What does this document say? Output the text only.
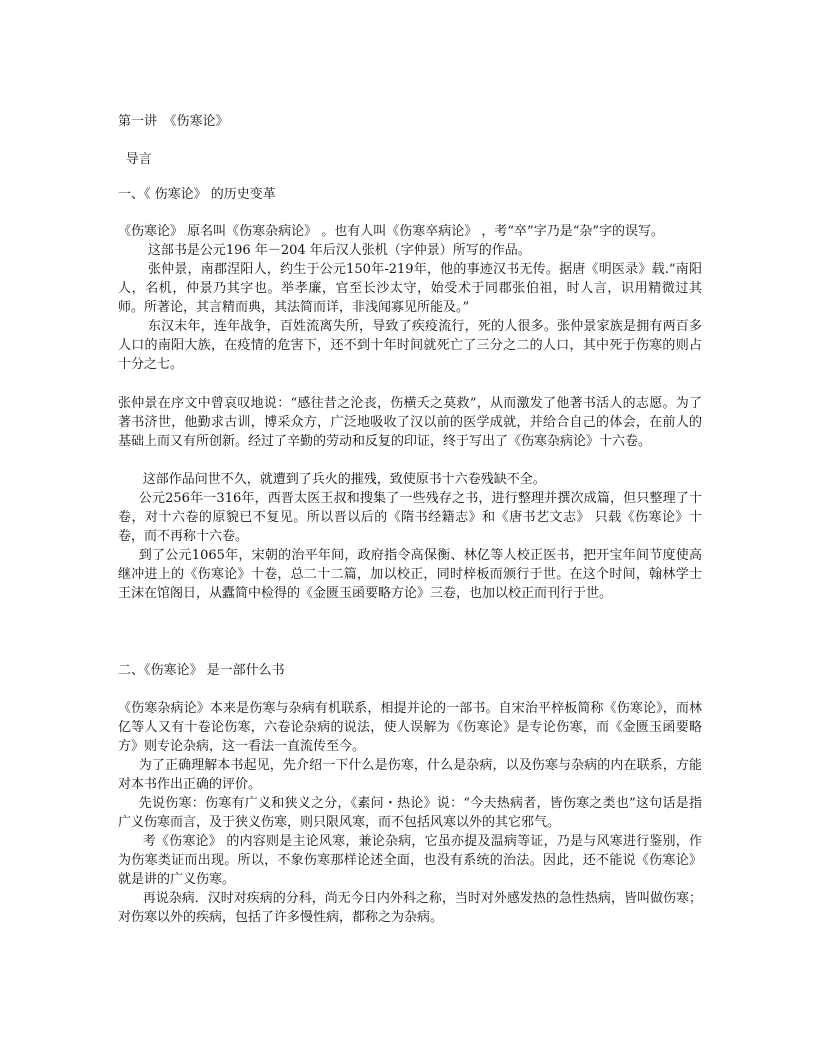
第一讲　《伤寒论》

导言

一、《 伤寒论》 的历史变革

《伤寒论》 原名叫《伤寒杂病论》 。也有人叫《伤寒卒病论》 ，考“卒”字乃是“杂”字的误写。

这部书是公元196 年－204 年后汉人张机（字仲景）所写的作品。

张仲景，南郡涅阳人，约生于公元150年-219年，他的事迹汉书无传。据唐《明医录》载.“南阳人，名机，仲景乃其字也。举孝廉，官至长沙太守，始受术于同郡张伯祖，时人言，识用精微过其师。所著论，其言精而典，其法简而详，非浅闻寡见所能及。”

东汉末年，连年战争，百姓流离失所，导致了疾疫流行，死的人很多。张仲景家族是拥有两百多人口的南阳大族，在疫情的危害下，还不到十年时间就死亡了三分之二的人口，其中死于伤寒的则占十分之七。

张仲景在序文中曾哀叹地说：“感往昔之沦丧，伤横夭之莫救”，从而激发了他著书活人的志愿。为了著书济世，他勤求古训，博采众方，广泛地吸收了汉以前的医学成就，并给合自己的体会，在前人的基础上而又有所创新。经过了辛勤的劳动和反复的印证，终于写出了《伤寒杂病论》十六卷。

这部作品问世不久，就遭到了兵火的摧残，致使原书十六卷残缺不全。

公元256年一316年，西晋太医王叔和搜集了一些残存之书，进行整理并撰次成篇，但只整理了十卷，对十六卷的原貌已不复见。所以晋以后的《隋书经籍志》和《唐书艺文志》 只载《伤寒论》十卷，而不再称十六卷。

到了公元1065年，宋朝的治平年间，政府指令高保衡、林亿等人校正医书，把开宝年间节度使高继冲进上的《伤寒论》十卷，总二十二篇，加以校正，同时梓板而颁行于世。在这个时间，翰林学士王沫在馆阁日，从蠹简中检得的《金匮玉函要略方论》三卷，也加以校正而刊行于世。

二、《伤寒论》 是一部什么书

《伤寒杂病论》本来是伤寒与杂病有机联系，相提并论的一部书。自宋治平梓板简称《伤寒论》，而林亿等人又有十卷论伤寒，六卷论杂病的说法，使人误解为《伤寒论》是专论伤寒，而《金匮玉函要略方》则专论杂病，这一看法一直流传至今。

为了正确理解本书起见，先介绍一下什么是伤寒，什么是杂病，以及伤寒与杂病的内在联系，方能对本书作出正确的评价。

先说伤寒：伤寒有广义和狭义之分，《素问・热论》说：“今夫热病者，皆伤寒之类也”这句话是指广义伤寒而言，及于狭义伤寒，则只限风寒，而不包括风寒以外的其它邪气。

考《伤寒论》 的内容则是主论风寒，兼论杂病，它虽亦提及温病等证，乃是与风寒进行鉴别，作为伤寒类证而出现。所以，不象伤寒那样论述全面，也没有系统的治法。因此，还不能说《伤寒论》就是讲的广义伤寒。

再说杂病．汉时对疾病的分科，尚无今日内外科之称，当时对外感发热的急性热病，皆叫做伤寒；对伤寒以外的疾病，包括了许多慢性病，都称之为杂病。
